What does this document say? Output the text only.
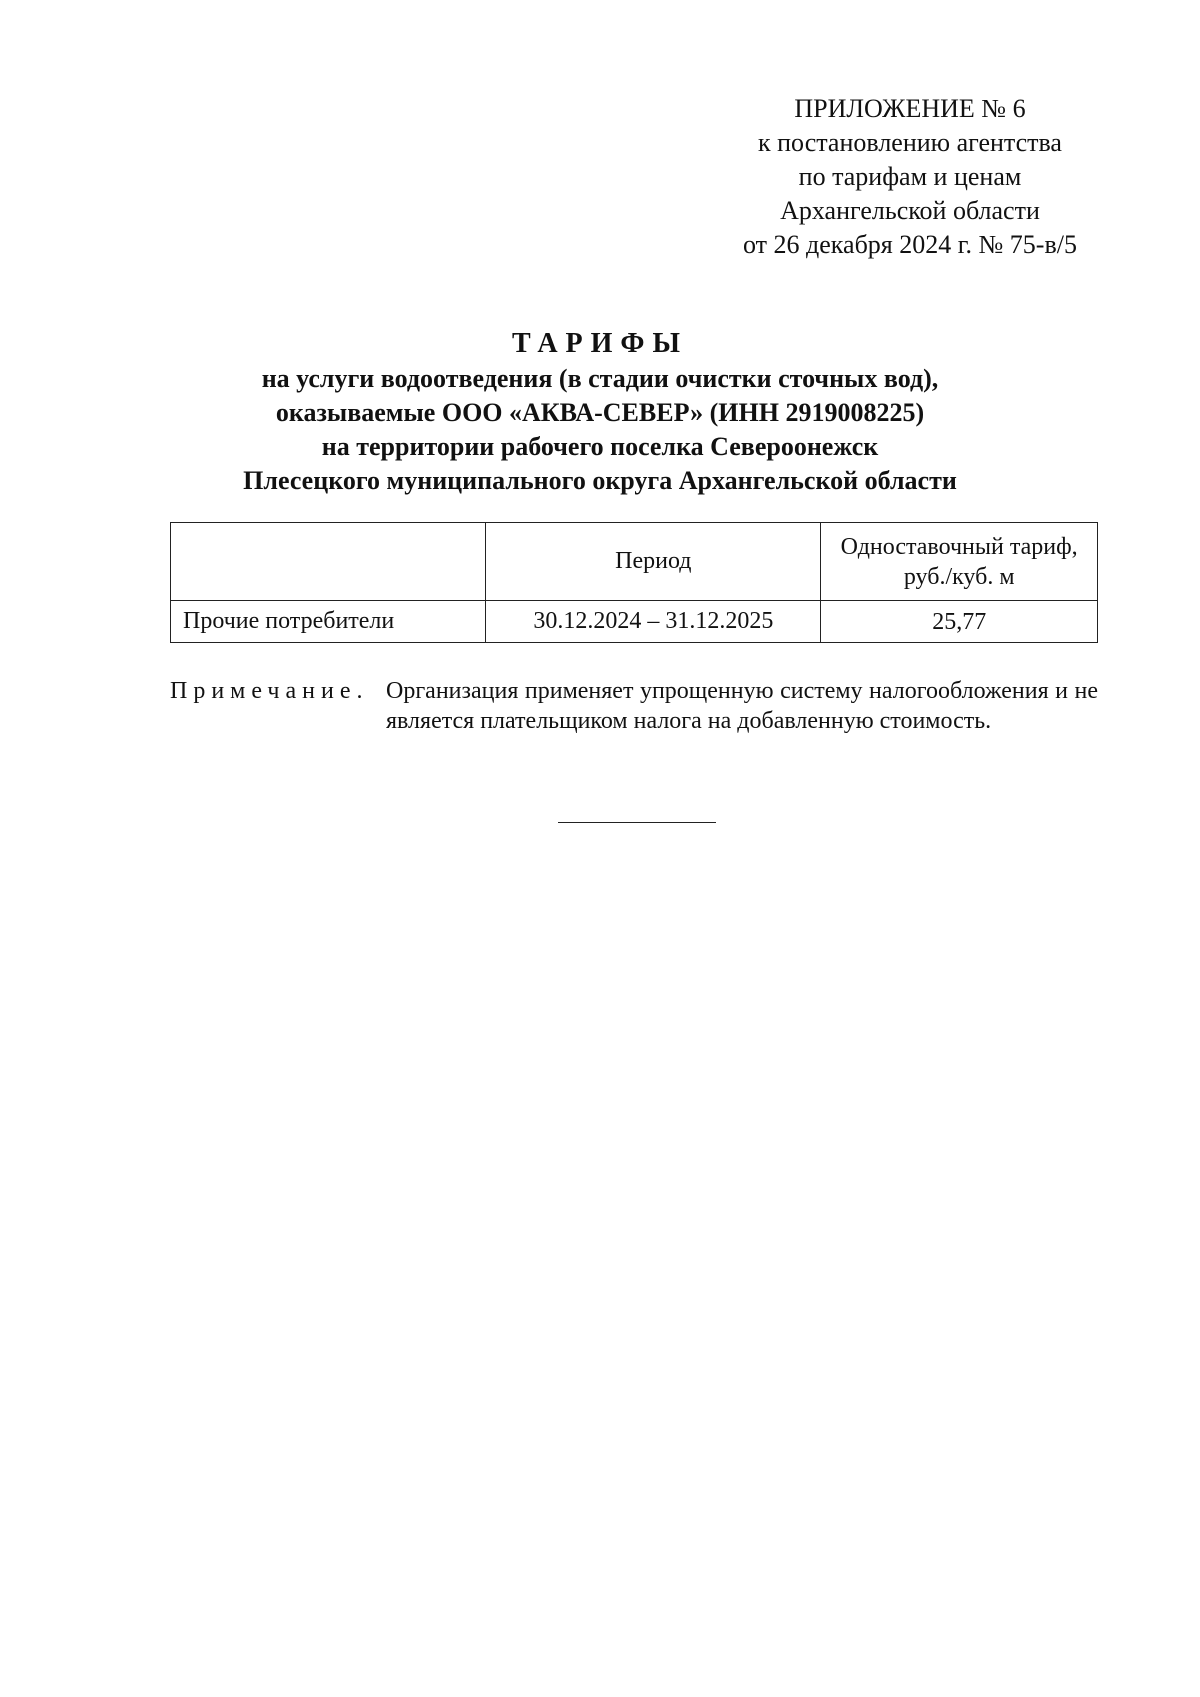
ПРИЛОЖЕНИЕ № 6
к постановлению агентства
по тарифам и ценам
Архангельской области
от 26 декабря 2024 г. № 75-в/5
ТАРИФЫ
на услуги водоотведения (в стадии очистки сточных вод),
оказываемые ООО «АКВА-СЕВЕР» (ИНН 2919008225)
на территории рабочего поселка Североонежск
Плесецкого муниципального округа Архангельской области
	Период	Одноставочный тариф,
руб./куб. м

Прочие потребители	30.12.2024 – 31.12.2025	25,77
Примечание. Организация применяет упрощенную систему налогообложения и не является плательщиком налога на добавленную стоимость.
